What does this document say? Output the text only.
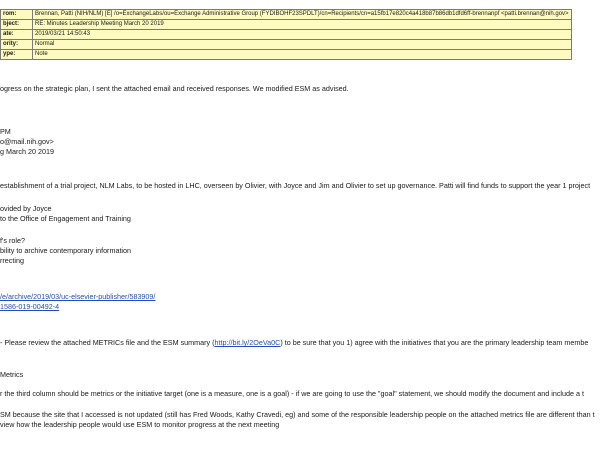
rom:	Brennan, Patti (NIH/NLM) [E] /o=ExchangeLabs/ou=Exchange Administrative Group (FYDIBOHF23SPDLT)/cn=Recipients/cn=a15fb17e820c4a418b87b86db1dfd6ff-brennanpf <patti.brennan@nih.gov>
bject:	RE: Minutes Leadership Meeting March 20 2019
ate:	2019/03/21 14:50:43
ority:	Normal
ype:	Note
ogress on the strategic plan, I sent the attached email and received responses. We modified ESM as advised.
PM
o@mail.nih.gov>
g March 20 2019
establishment of a trial project, NLM Labs, to be hosted in LHC, overseen by Olivier, with Joyce and Jim and Olivier to set up governance. Patti will find funds to support the year 1 project
ovided by Joyce
to the Office of Engagement and Training
f's role?
bility to archive contemporary information
rrecting
/e/archive/2019/03/uc-elsevier-publisher/583909/
1586-019-00492-4
- Please review the attached METRICs file and the ESM summary (http://bit.ly/2OeVa0C) to be sure that you 1) agree with the initiatives that you are the primary leadership team membe
Metrics
r the third column should be metrics or the initiative target (one is a measure, one is a goal) - if we are going to use the "goal" statement, we should modify the document and include a t
SM because the site that I accessed is not updated (still has Fred Woods, Kathy Cravedi, eg) and some of the responsible leadership people on the attached metrics file are different than t
view how the leadership people would use ESM to monitor progress at the next meeting
